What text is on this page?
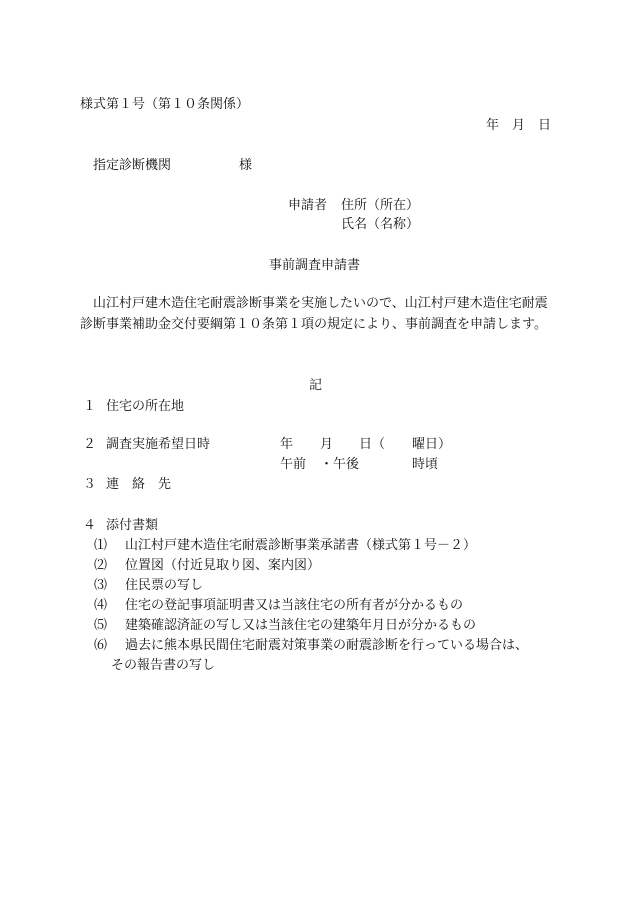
様式第１号（第１０条関係）
年　月　日
指定診断機関	様
申請者 住所（所在）
氏名（名称）
事前調査申請書
山江村戸建木造住宅耐震診断事業を実施したいので、山江村戸建木造住宅耐震診断事業補助金交付要綱第１０条第１項の規定により、事前調査を申請します。
記
１ 住宅の所在地
２ 調査実施希望日時	年 月 日（ 曜日）
午前 ・午後	時頃
３ 連　絡　先
４ 添付書類
⑴ 山江村戸建木造住宅耐震診断事業承諾書（様式第１号－２）
⑵ 位置図（付近見取り図、案内図）
⑶ 住民票の写し
⑷ 住宅の登記事項証明書又は当該住宅の所有者が分かるもの
⑸ 建築確認済証の写し又は当該住宅の建築年月日が分かるもの
⑹ 過去に熊本県民間住宅耐震対策事業の耐震診断を行っている場合は、
その報告書の写し
